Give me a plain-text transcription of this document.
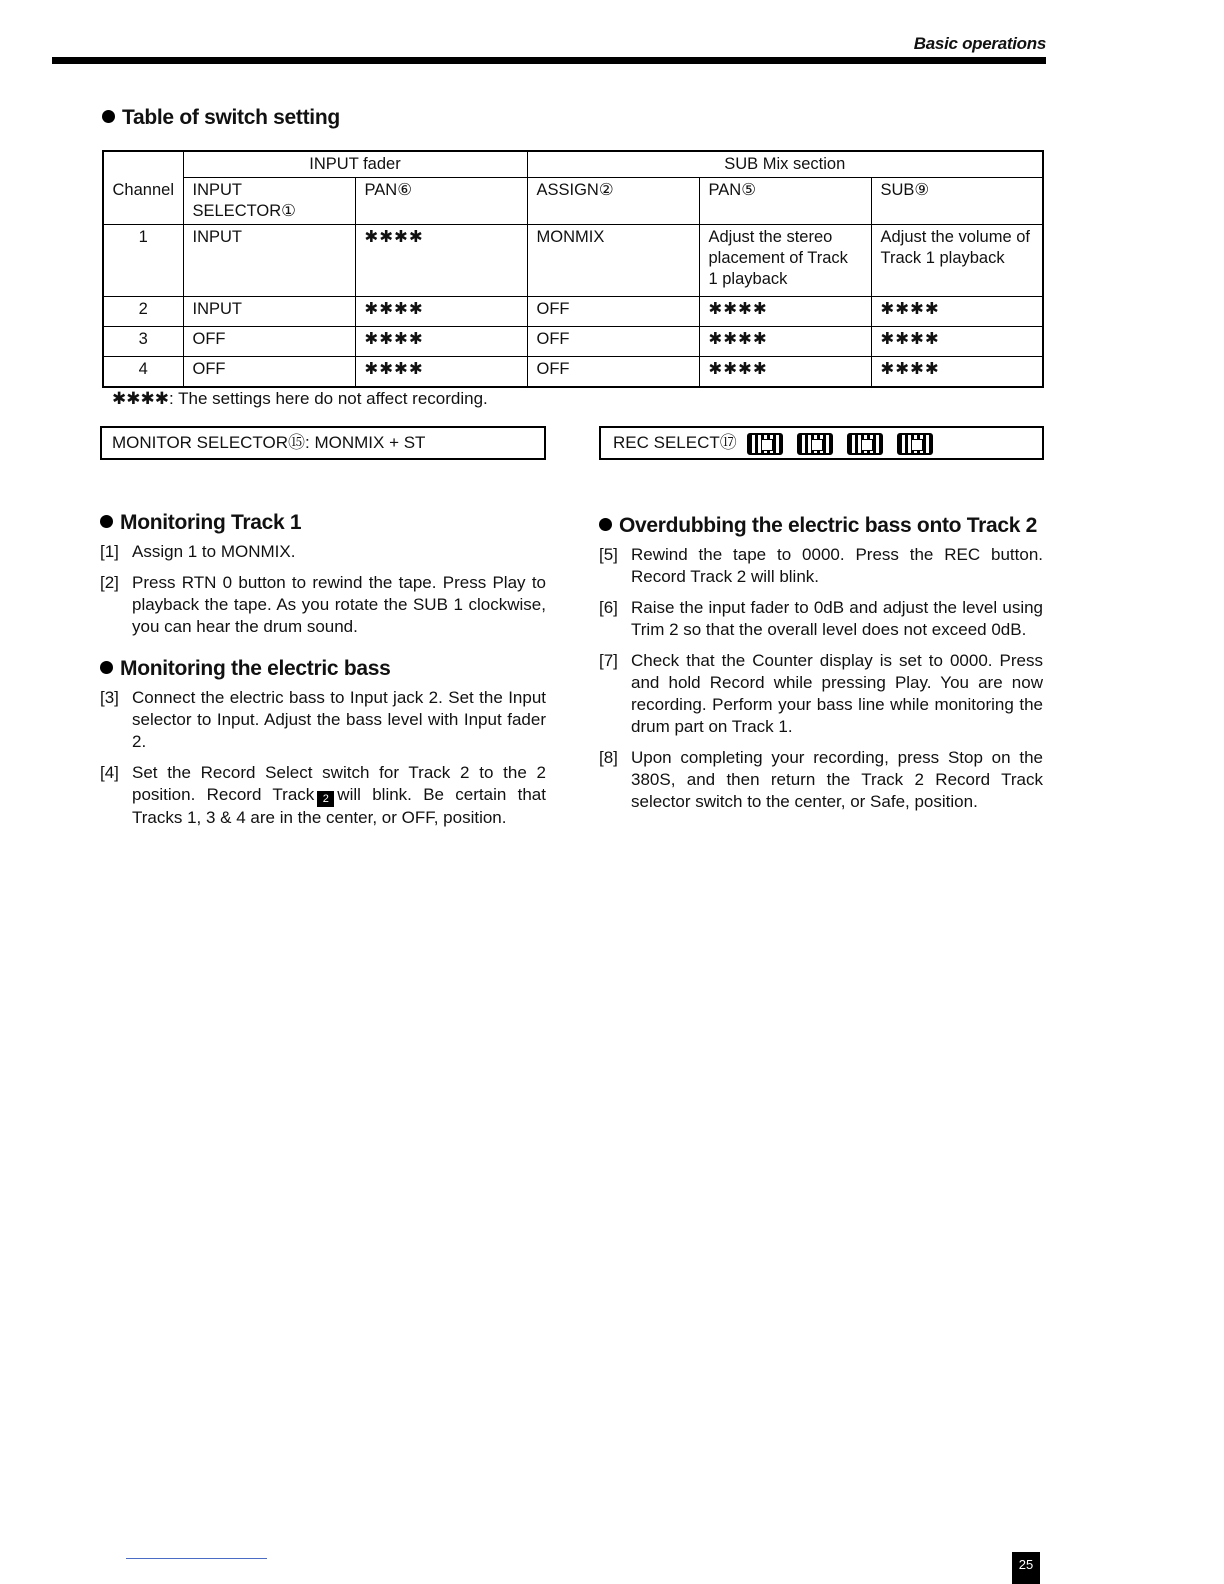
Basic operations
Table of switch setting
	INPUT fader		SUB Mix section		
Channel	INPUT SELECTOR①	PAN⑥	ASSIGN②	PAN⑤	SUB⑨
1	INPUT	✱✱✱✱	MONMIX	Adjust the stereo placement of Track 1 playback	Adjust the volume of Track 1 playback
2	INPUT	✱✱✱✱	OFF	✱✱✱✱	✱✱✱✱
3	OFF	✱✱✱✱	OFF	✱✱✱✱	✱✱✱✱
4	OFF	✱✱✱✱	OFF	✱✱✱✱	✱✱✱✱
✱✱✱✱: The settings here do not affect recording.
MONITOR SELECTOR⑮: MONMIX + ST	REC SELECT⑰
Monitoring Track 1
[1] Assign 1 to MONMIX.
[2] Press RTN 0 button to rewind the tape. Press Play to playback the tape. As you rotate the SUB 1 clockwise, you can hear the drum sound.
Monitoring the electric bass
[3] Connect the electric bass to Input jack 2. Set the Input selector to Input. Adjust the bass level with Input fader 2.
[4] Set the Record Select switch for Track 2 to the 2 position. Record Track 2 will blink. Be certain that Tracks 1, 3 & 4 are in the center, or OFF, position.
Overdubbing the electric bass onto Track 2
[5] Rewind the tape to 0000. Press the REC button. Record Track 2 will blink.
[6] Raise the input fader to 0dB and adjust the level using Trim 2 so that the overall level does not exceed 0dB.
[7] Check that the Counter display is set to 0000. Press and hold Record while pressing Play. You are now recording. Perform your bass line while monitoring the drum part on Track 1.
[8] Upon completing your recording, press Stop on the 380S, and then return the Track 2 Record Track selector switch to the center, or Safe, position.
25
